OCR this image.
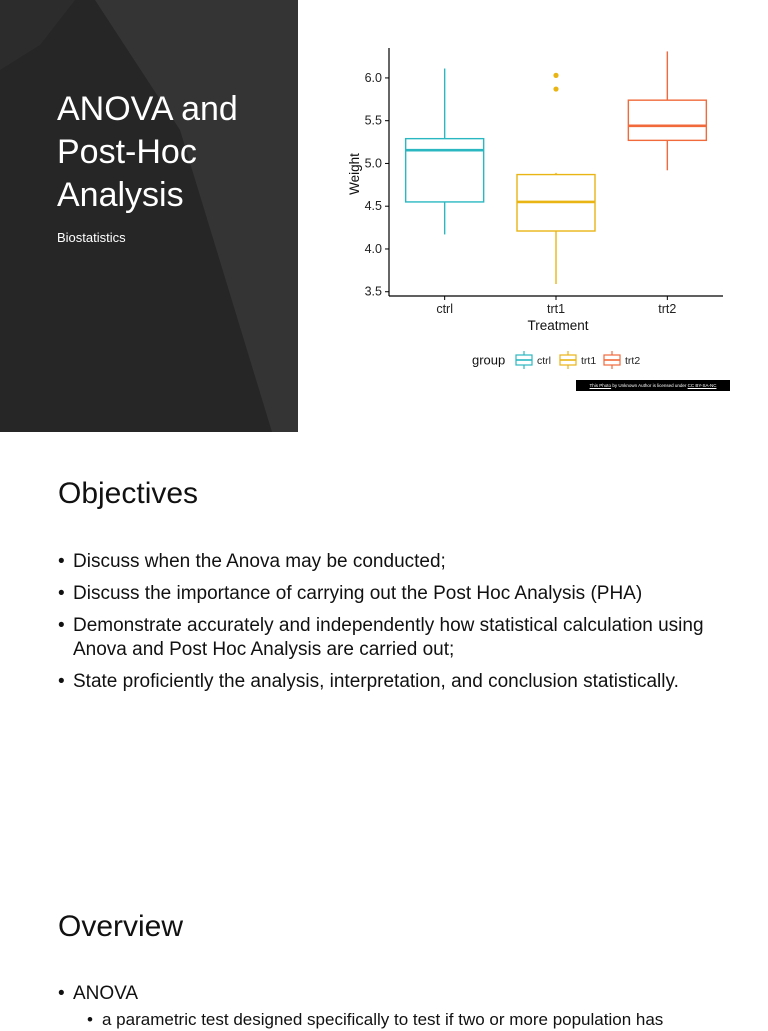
ANOVA and
Post-Hoc
Analysis
Biostatistics
3.5
4.0
4.5
5.0
5.5
6.0
ctrl	trt1	trt2
Treatment
Weight
group	ctrl	trt1	trt2
This Photo by Unknown Author is licensed under CC BY-SA-NC
Objectives
• Discuss when the Anova may be conducted;
• Discuss the importance of carrying out the Post Hoc Analysis (PHA)
• Demonstrate accurately and independently how statistical calculation using Anova and Post Hoc Analysis are carried out;
• State proficiently the analysis, interpretation, and conclusion statistically.
Overview
• ANOVA
• a parametric test designed specifically to test if two or more population has
